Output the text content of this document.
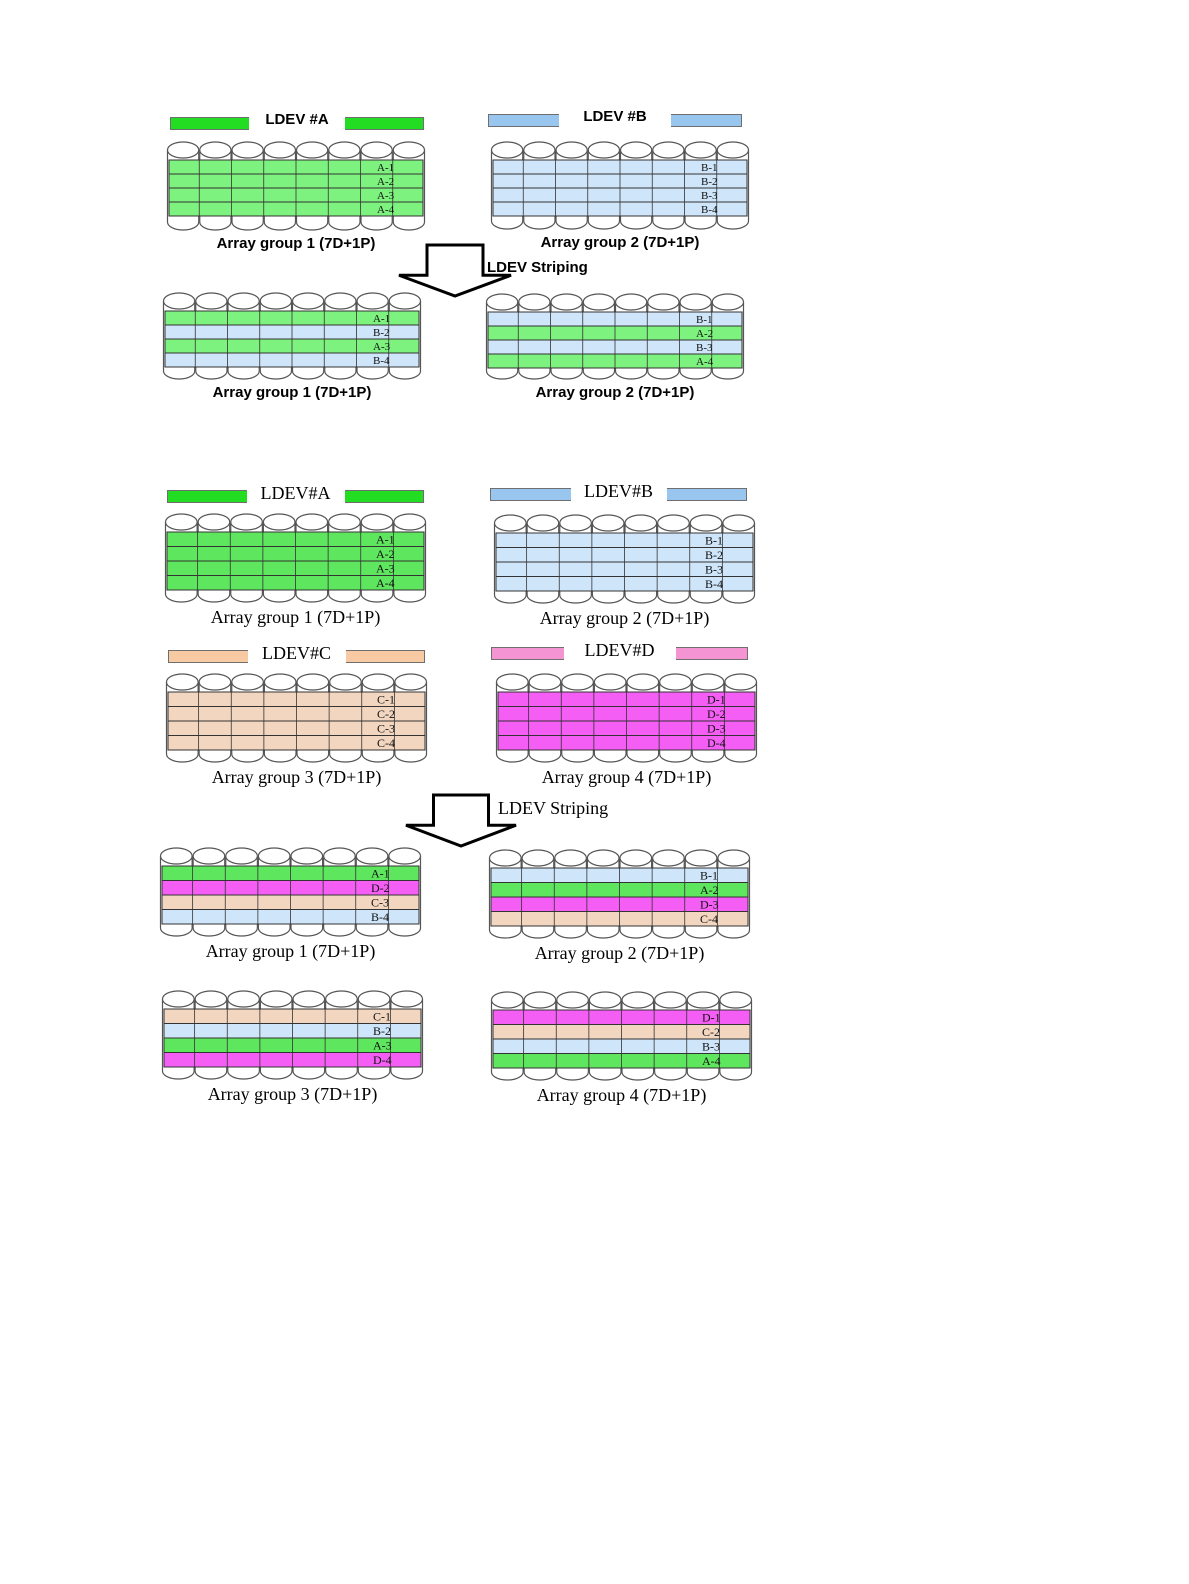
LDEV #A	LDEV #B
A-1
A-2
A-3
A-4
Array group 1 (7D+1P)
B-1
B-2
B-3
B-4
Array group 2 (7D+1P)
LDEV Striping
A-1
B-2
A-3
B-4
Array group 1 (7D+1P)
B-1
A-2
B-3
A-4
Array group 2 (7D+1P)
LDEV#A	LDEV#B
A-1
A-2
A-3
A-4
Array group 1 (7D+1P)
B-1
B-2
B-3
B-4
Array group 2 (7D+1P)
LDEV#C	LDEV#D
C-1
C-2
C-3
C-4
Array group 3 (7D+1P)
D-1
D-2
D-3
D-4
Array group 4 (7D+1P)
LDEV Striping
A-1
D-2
C-3
B-4
Array group 1 (7D+1P)
B-1
A-2
D-3
C-4
Array group 2 (7D+1P)
C-1
B-2
A-3
D-4
Array group 3 (7D+1P)
D-1
C-2
B-3
A-4
Array group 4 (7D+1P)
